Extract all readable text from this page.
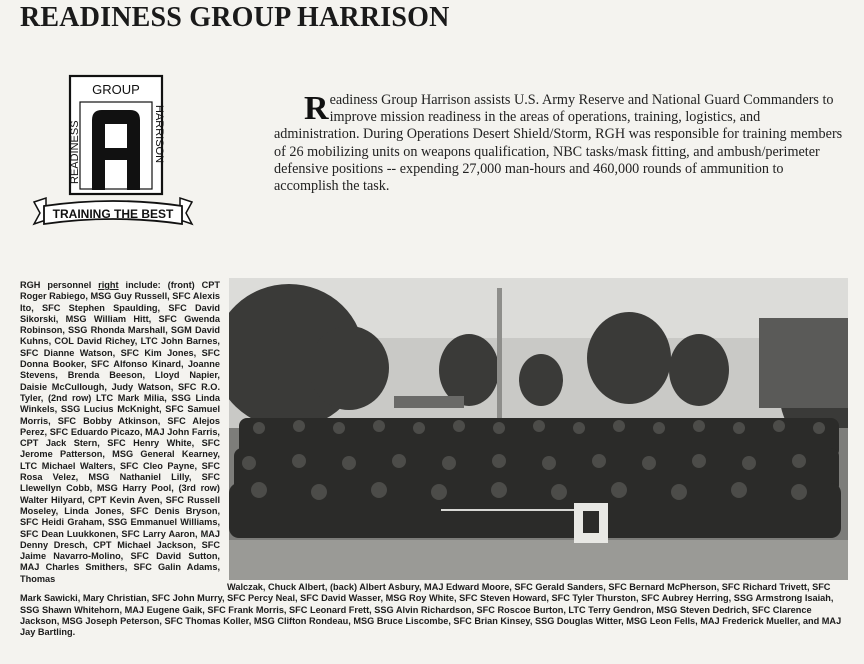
READINESS GROUP HARRISON
GROUP
READINESS	HARRISON
TRAINING THE BEST

Readiness Group Harrison assists U.S. Army Reserve and National Guard Commanders to improve mission readiness in the areas of operations, training, logistics, and administration. During Operations Desert Shield/Storm, RGH was responsible for training members of 26 mobilizing units on weapons qualification, NBC tasks/mask fitting, and ambush/perimeter defensive positions -- expending 27,000 man-hours and 460,000 rounds of ammunition to accomplish the task.

RGH personnel right include: (front) CPT Roger Rabiego, MSG Guy Russell, SFC Alexis Ito, SFC Stephen Spaulding, SFC David Sikorski, MSG William Hitt, SFC Gwenda Robinson, SSG Rhonda Marshall, SGM David Kuhns, COL David Richey, LTC John Barnes, SFC Dianne Watson, SFC Kim Jones, SFC Donna Booker, SFC Alfonso Kinard, Joanne Stevens, Brenda Beeson, Lloyd Napier, Daisie McCullough, Judy Watson, SFC R.O. Tyler, (2nd row) LTC Mark Milia, SSG Linda Winkels, SSG Lucius McKnight, SFC Samuel Morris, SFC Bobby Atkinson, SFC Alejos Perez, SFC Eduardo Picazo, MAJ John Farris, CPT Jack Stern, SFC Henry White, SFC Jerome Patterson, MSG General Kearney, LTC Michael Walters, SFC Cleo Payne, SFC Rosa Velez, MSG Nathaniel Lilly, SFC Llewellyn Cobb, MSG Harry Pool, (3rd row) Walter Hilyard, CPT Kevin Aven, SFC Russell Moseley, Linda Jones, SFC Denis Bryson, SFC Heidi Graham, SSG Emmanuel Williams, SFC Dean Luukkonen, SFC Larry Aaron, MAJ Denny Dresch, CPT Michael Jackson, SFC Jaime Navarro-Molino, SFC David Sutton, MAJ Charles Smithers, SFC Galin Adams, Thomas

Walczak, Chuck Albert, (back) Albert Asbury, MAJ Edward Moore, SFC Gerald Sanders, SFC Bernard McPherson, SFC Richard Trivett, SFC Mark Sawicki, Mary Christian, SFC John Murry, SFC Percy Neal, SFC David Wasser, MSG Roy White, SFC Steven Howard, SFC Tyler Thurston, SFC Aubrey Herring, SSG Armstrong Isaiah, SSG Shawn Whitehorn, MAJ Eugene Gaik, SFC Frank Morris, SFC Leonard Frett, SSG Alvin Richardson, SFC Roscoe Burton, LTC Terry Gendron, MSG Steven Dedrich, SFC Clarence Jackson, MSG Joseph Peterson, SFC Thomas Koller, MSG Clifton Rondeau, MSG Bruce Liscombe, SFC Brian Kinsey, SSG Douglas Witter, MSG Leon Fells, MAJ Frederick Mueller, and MAJ Jay Bartling.
